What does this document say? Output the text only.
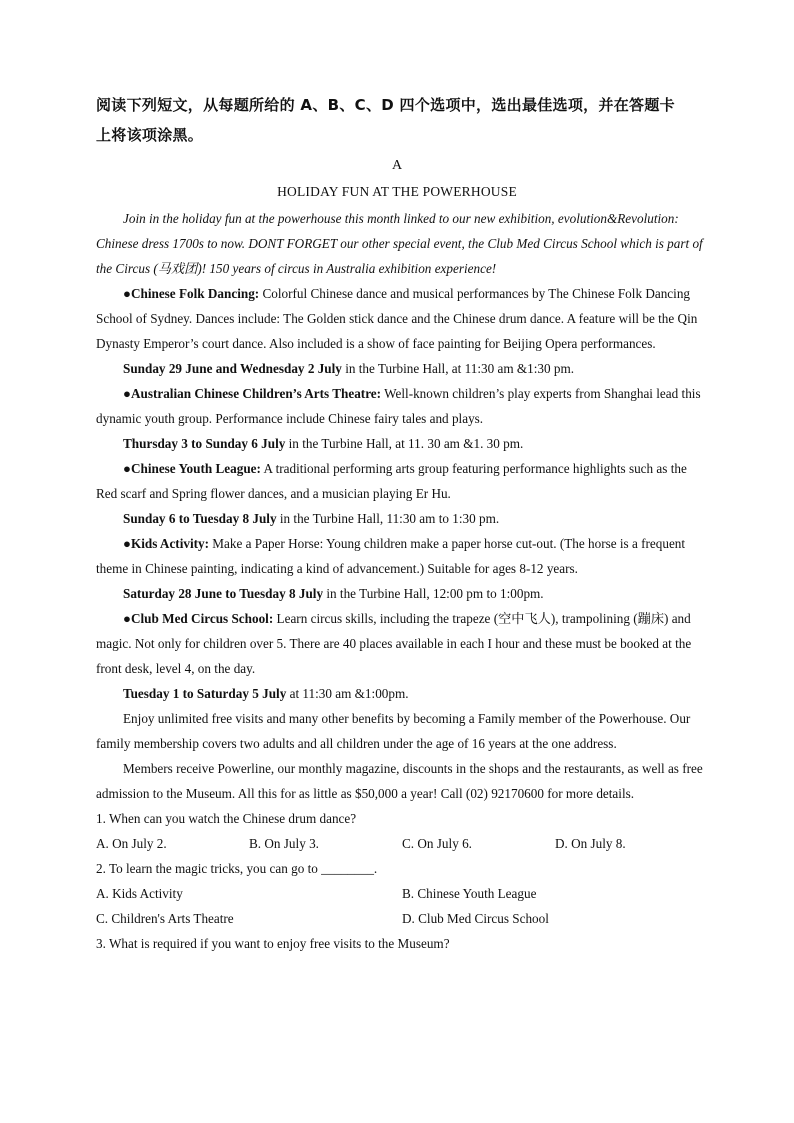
阅读下列短文，从每题所给的 A、B、C、D 四个选项中，选出最佳选项，并在答题卡
上将该项涂黑。
A
HOLIDAY FUN AT THE POWERHOUSE

Join in the holiday fun at the powerhouse this month linked to our new exhibition, evolution&Revolution: Chinese dress 1700s to now. DONT FORGET our other special event, the Club Med Circus School which is part of the Circus (马戏团)! 150 years of circus in Australia exhibition experience!

●Chinese Folk Dancing: Colorful Chinese dance and musical performances by The Chinese Folk Dancing School of Sydney. Dances include: The Golden stick dance and the Chinese drum dance. A feature will be the Qin Dynasty Emperor’s court dance. Also included is a show of face painting for Beijing Opera performances.

Sunday 29 June and Wednesday 2 July in the Turbine Hall, at 11:30 am &1:30 pm.

●Australian Chinese Children’s Arts Theatre: Well-known children’s play experts from Shanghai lead this dynamic youth group. Performance include Chinese fairy tales and plays.

Thursday 3 to Sunday 6 July in the Turbine Hall, at 11. 30 am &1. 30 pm.

●Chinese Youth League: A traditional performing arts group featuring performance highlights such as the Red scarf and Spring flower dances, and a musician playing Er Hu.

Sunday 6 to Tuesday 8 July in the Turbine Hall, 11:30 am to 1:30 pm.

●Kids Activity: Make a Paper Horse: Young children make a paper horse cut-out. (The horse is a frequent theme in Chinese painting, indicating a kind of advancement.) Suitable for ages 8-12 years.

Saturday 28 June to Tuesday 8 July in the Turbine Hall, 12:00 pm to 1:00pm.

●Club Med Circus School: Learn circus skills, including the trapeze (空中飞人), trampolining (蹦床) and magic. Not only for children over 5. There are 40 places available in each I hour and these must be booked at the front desk, level 4, on the day.

Tuesday 1 to Saturday 5 July at 11:30 am &1:00pm.

Enjoy unlimited free visits and many other benefits by becoming a Family member of the Powerhouse. Our family membership covers two adults and all children under the age of 16 years at the one address.

Members receive Powerline, our monthly magazine, discounts in the shops and the restaurants, as well as free admission to the Museum. All this for as little as $50,000 a year! Call (02) 92170600 for more details.

1. When can you watch the Chinese drum dance?

A. On July 2.	B. On July 3.	C. On July 6.	D. On July 8.

2. To learn the magic tricks, you can go to ________.

A. Kids Activity	B. Chinese Youth League
C. Children's Arts Theatre	D. Club Med Circus School

3. What is required if you want to enjoy free visits to the Museum?
